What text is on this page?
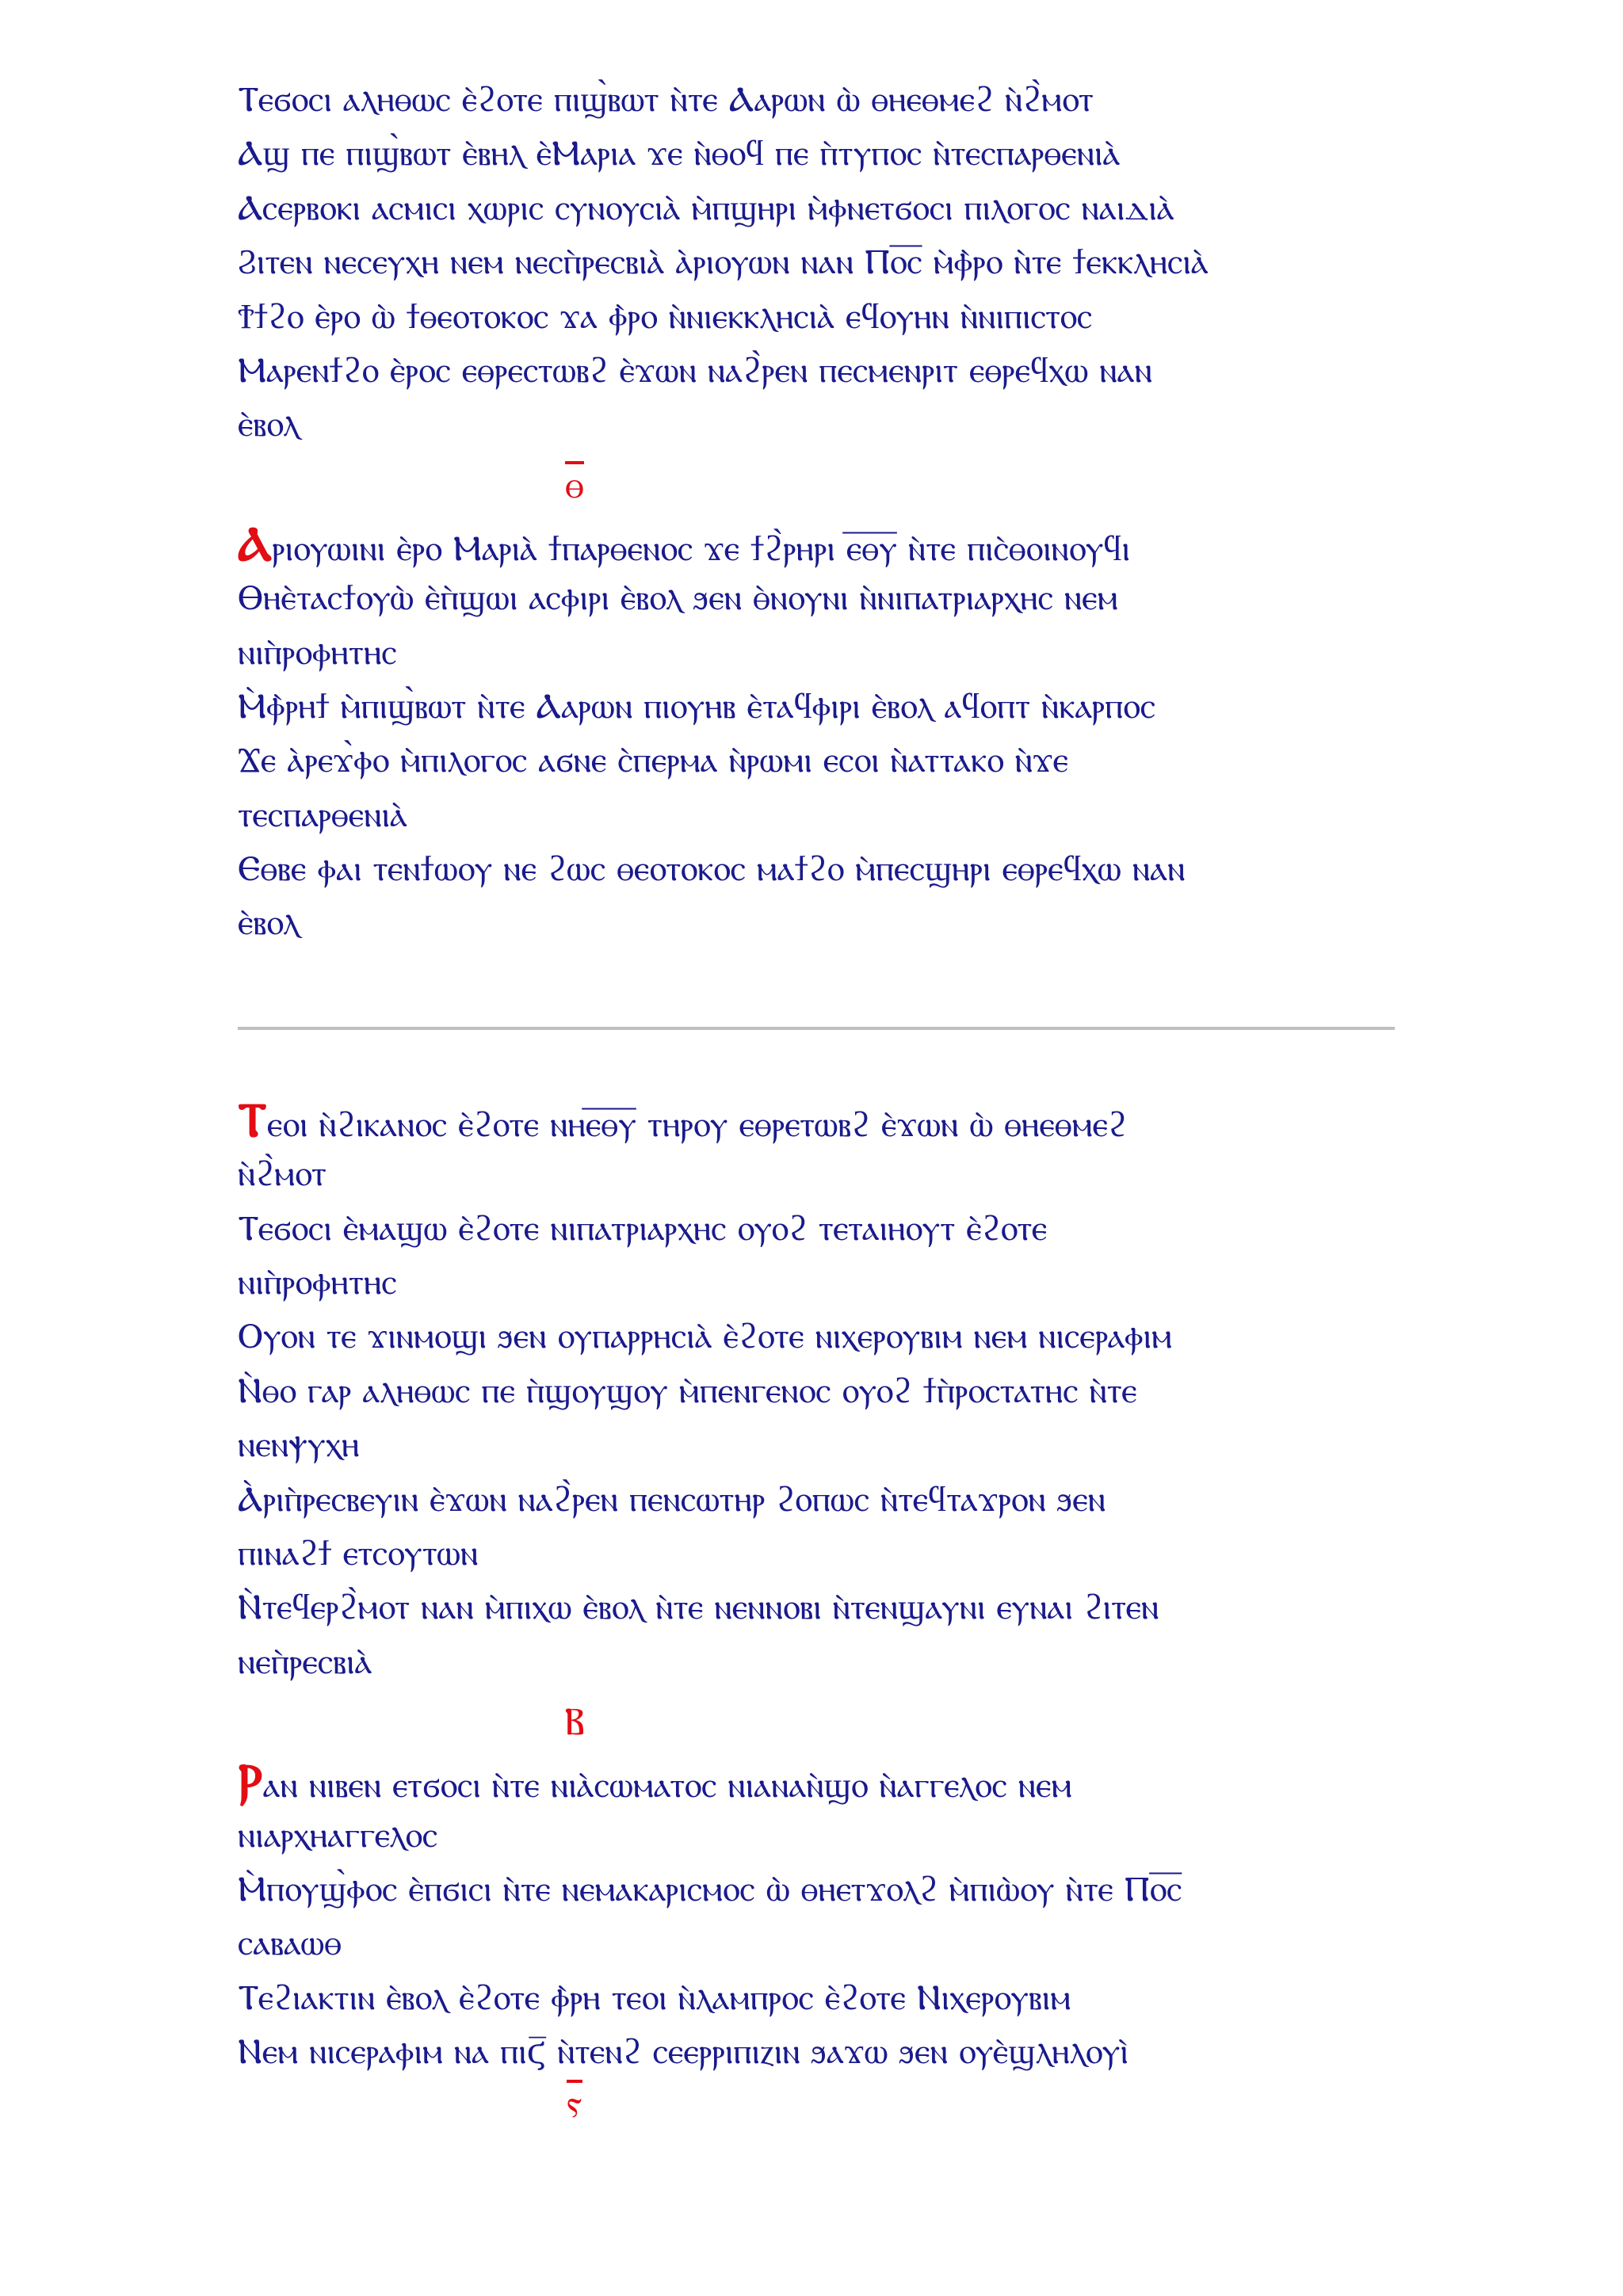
Ⲧⲉϭⲟⲥⲓ ⲁⲗⲏⲑⲱⲥ ⲉ̀ϩⲟⲧⲉ ⲡⲓϣ̀ⲃⲱⲧ ⲛ̀ⲧⲉ Ⲁⲁⲣⲱⲛ ⲱ̀ ⲑⲏⲉⲑⲙⲉϩ ⲛ̀ϩ̀ⲙⲟⲧ
Ⲁϣ ⲡⲉ ⲡⲓϣ̀ⲃⲱⲧ ⲉ̀ⲃⲏⲗ ⲉ̀Ⲙⲁⲣⲓⲁ ϫⲉ ⲛ̀ⲑⲟϥ ⲡⲉ ⲡ̀ⲧⲩⲡⲟⲥ ⲛ̀ⲧⲉⲥⲡⲁⲣⲑⲉⲛⲓⲁ̀
Ⲁⲥⲉⲣⲃⲟⲕⲓ ⲁⲥⲙⲓⲥⲓ ⲭⲱⲣⲓⲥ ⲥⲩⲛⲟⲩⲥⲓⲁ̀ ⲙ̀ⲡϣⲏⲣⲓ ⲙ̀ⲫⲛⲉⲧϭⲟⲥⲓ ⲡⲓⲗⲟⲅⲟⲥ ⲛⲁⲓⲇⲓⲁ̀
Ϩⲓⲧⲉⲛ ⲛⲉⲥⲉⲩⲭⲏ ⲛⲉⲙ ⲛⲉⲥⲡ̀ⲣⲉⲥⲃⲓⲁ̀ ⲁ̀ⲣⲓⲟⲩⲱⲛ ⲛⲁⲛ Ⲡⲟ̅ⲥ̅ ⲙ̀ⲫ̀ⲣⲟ ⲛ̀ⲧⲉ ϯⲉⲕⲕⲗⲏⲥⲓⲁ̀
Ϯϯϩⲟ ⲉ̀ⲣⲟ ⲱ̀ ϯⲑⲉⲟⲧⲟⲕⲟⲥ ϫⲁ ⲫ̀ⲣⲟ ⲛ̀ⲛⲓⲉⲕⲕⲗⲏⲥⲓⲁ̀ ⲉϥⲟⲩⲏⲛ ⲛ̀ⲛⲓⲡⲓⲥⲧⲟⲥ
Ⲙⲁⲣⲉⲛϯϩⲟ ⲉ̀ⲣⲟⲥ ⲉⲑⲣⲉⲥⲧⲱⲃϩ ⲉ̀ϫⲱⲛ ⲛⲁϩ̀ⲣⲉⲛ ⲡⲉⲥⲙⲉⲛⲣⲓⲧ ⲉⲑⲣⲉϥⲭⲱ ⲛⲁⲛ
ⲉ̀ⲃⲟⲗ
ⲑ
Ⲁⲣⲓⲟⲩⲱⲓⲛⲓ ⲉ̀ⲣⲟ Ⲙⲁⲣⲓⲁ̀ ϯⲡⲁⲣⲑⲉⲛⲟⲥ ϫⲉ ϯϩ̀ⲣⲏⲣⲓ ⲉ̅ⲑ̅ⲩ̅ ⲛ̀ⲧⲉ ⲡⲓⲥ̀ⲑⲟⲓⲛⲟⲩϥⲓ
Ⲑⲏⲉ̀ⲧⲁⲥϯⲟⲩⲱ̀ ⲉ̀ⲡ̀ϣⲱⲓ ⲁⲥⲫⲓⲣⲓ ⲉ̀ⲃⲟⲗ ϧⲉⲛ ⲑ̀ⲛⲟⲩⲛⲓ ⲛ̀ⲛⲓⲡⲁⲧⲣⲓⲁⲣⲭⲏⲥ ⲛⲉⲙ
ⲛⲓⲡ̀ⲣⲟⲫⲏⲧⲏⲥ
Ⲙ̀ⲫ̀ⲣⲏϯ ⲙ̀ⲡⲓϣ̀ⲃⲱⲧ ⲛ̀ⲧⲉ Ⲁⲁⲣⲱⲛ ⲡⲓⲟⲩⲏⲃ ⲉ̀ⲧⲁϥⲫⲓⲣⲓ ⲉ̀ⲃⲟⲗ ⲁϥⲟⲡⲧ ⲛ̀ⲕⲁⲣⲡⲟⲥ
Ϫⲉ ⲁ̀ⲣⲉϫ̀ⲫⲟ ⲙ̀ⲡⲓⲗⲟⲅⲟⲥ ⲁϭⲛⲉ ⲥ̀ⲡⲉⲣⲙⲁ ⲛ̀ⲣⲱⲙⲓ ⲉⲥⲟⲓ ⲛ̀ⲁⲧⲧⲁⲕⲟ ⲛ̀ϫⲉ
ⲧⲉⲥⲡⲁⲣⲑⲉⲛⲓⲁ̀
Ⲉⲑⲃⲉ ⲫⲁⲓ ⲧⲉⲛϯⲱⲟⲩ ⲛⲉ ϩⲱⲥ ⲑⲉⲟⲧⲟⲕⲟⲥ ⲙⲁϯϩⲟ ⲙ̀ⲡⲉⲥϣⲏⲣⲓ ⲉⲑⲣⲉϥⲭⲱ ⲛⲁⲛ
ⲉ̀ⲃⲟⲗ
Ⲧⲉⲟⲓ ⲛ̀ϩⲓⲕⲁⲛⲟⲥ ⲉ̀ϩⲟⲧⲉ ⲛⲏⲉ̅ⲑ̅ⲩ̅ ⲧⲏⲣⲟⲩ ⲉⲑⲣⲉⲧⲱⲃϩ ⲉ̀ϫⲱⲛ ⲱ̀ ⲑⲏⲉⲑⲙⲉϩ
ⲛ̀ϩ̀ⲙⲟⲧ
Ⲧⲉϭⲟⲥⲓ ⲉ̀ⲙⲁϣⲱ ⲉ̀ϩⲟⲧⲉ ⲛⲓⲡⲁⲧⲣⲓⲁⲣⲭⲏⲥ ⲟⲩⲟϩ ⲧⲉⲧⲁⲓⲏⲟⲩⲧ ⲉ̀ϩⲟⲧⲉ
ⲛⲓⲡ̀ⲣⲟⲫⲏⲧⲏⲥ
Ⲟⲩⲟⲛ ⲧⲉ ϫⲓⲛⲙⲟϣⲓ ϧⲉⲛ ⲟⲩⲡⲁⲣⲣⲏⲥⲓⲁ̀ ⲉ̀ϩⲟⲧⲉ ⲛⲓⲭⲉⲣⲟⲩⲃⲓⲙ ⲛⲉⲙ ⲛⲓⲥⲉⲣⲁⲫⲓⲙ
Ⲛ̀ⲑⲟ ⲅⲁⲣ ⲁⲗⲏⲑⲱⲥ ⲡⲉ ⲡ̀ϣⲟⲩϣⲟⲩ ⲙ̀ⲡⲉⲛⲅⲉⲛⲟⲥ ⲟⲩⲟϩ ϯⲡ̀ⲣⲟⲥⲧⲁⲧⲏⲥ ⲛ̀ⲧⲉ
ⲛⲉⲛⲯⲩⲭⲏ
Ⲁ̀ⲣⲓⲡ̀ⲣⲉⲥⲃⲉⲩⲓⲛ ⲉ̀ϫⲱⲛ ⲛⲁϩ̀ⲣⲉⲛ ⲡⲉⲛⲥⲱⲧⲏⲣ ϩⲟⲡⲱⲥ ⲛ̀ⲧⲉϥⲧⲁϫⲣⲟⲛ ϧⲉⲛ
ⲡⲓⲛⲁϩϯ ⲉⲧⲥⲟⲩⲧⲱⲛ
Ⲛ̀ⲧⲉϥⲉⲣϩ̀ⲙⲟⲧ ⲛⲁⲛ ⲙ̀ⲡⲓⲭⲱ ⲉ̀ⲃⲟⲗ ⲛ̀ⲧⲉ ⲛⲉⲛⲛⲟⲃⲓ ⲛ̀ⲧⲉⲛϣⲁⲩⲛⲓ ⲉⲩⲛⲁⲓ ϩⲓⲧⲉⲛ
ⲛⲉⲡ̀ⲣⲉⲥⲃⲓⲁ̀
Ⲃ
Ⲣⲁⲛ ⲛⲓⲃⲉⲛ ⲉⲧϭⲟⲥⲓ ⲛ̀ⲧⲉ ⲛⲓⲁ̀ⲥⲱⲙⲁⲧⲟⲥ ⲛⲓⲁⲛⲁⲛ̀ϣⲟ ⲛ̀ⲁⲅⲅⲉⲗⲟⲥ ⲛⲉⲙ
ⲛⲓⲁⲣⲭⲏⲁⲅⲅⲉⲗⲟⲥ
Ⲙ̀ⲡⲟⲩϣ̀ⲫⲟⲥ ⲉ̀ⲡϭⲓⲥⲓ ⲛ̀ⲧⲉ ⲛⲉⲙⲁⲕⲁⲣⲓⲥⲙⲟⲥ ⲱ̀ ⲑⲏⲉⲧϫⲟⲗϩ ⲙ̀ⲡⲓⲱ̀ⲟⲩ ⲛ̀ⲧⲉ Ⲡⲟ̅ⲥ̅
ⲥⲁⲃⲁⲱⲑ
Ⲧⲉϩⲓⲁⲕⲧⲓⲛ ⲉ̀ⲃⲟⲗ ⲉ̀ϩⲟⲧⲉ ⲫ̀ⲣⲏ ⲧⲉⲟⲓ ⲛ̀ⲗⲁⲙⲡⲣⲟⲥ ⲉ̀ϩⲟⲧⲉ Ⲛⲓⲭⲉⲣⲟⲩⲃⲓⲙ
Ⲛⲉⲙ ⲛⲓⲥⲉⲣⲁⲫⲓⲙ ⲛⲁ ⲡⲓϛ̅ ⲛ̀ⲧⲉⲛϩ ⲥⲉⲉⲣⲣⲓⲡⲓⲍⲓⲛ ϧⲁϫⲱ ϧⲉⲛ ⲟⲩⲉ̀ϣⲗⲏⲗⲟⲩⲓ̀
ⲋ
